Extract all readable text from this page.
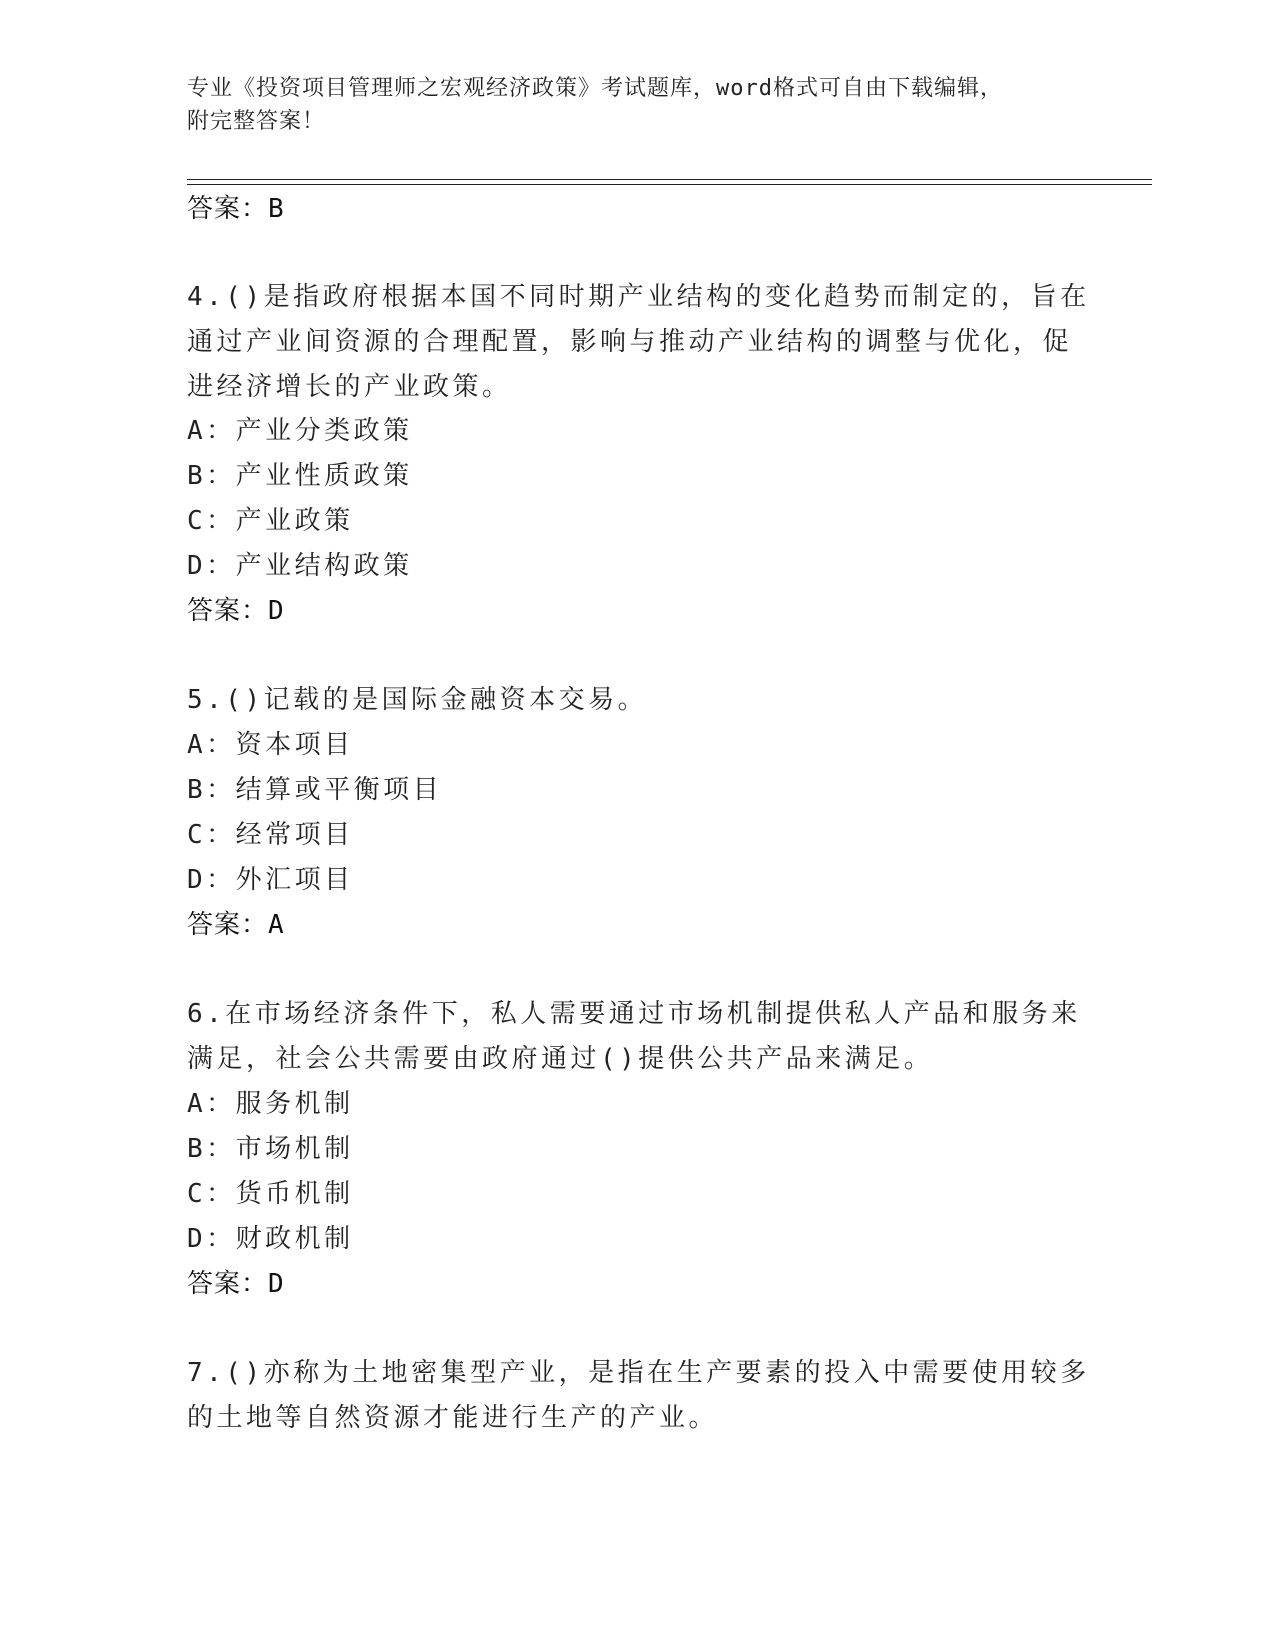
专业《投资项目管理师之宏观经济政策》考试题库，word格式可自由下载编辑，
附完整答案！
答案：B
4.()是指政府根据本国不同时期产业结构的变化趋势而制定的，旨在
通过产业间资源的合理配置，影响与推动产业结构的调整与优化，促
进经济增长的产业政策。
A：产业分类政策
B：产业性质政策
C：产业政策
D：产业结构政策
答案：D
5.()记载的是国际金融资本交易。
A：资本项目
B：结算或平衡项目
C：经常项目
D：外汇项目
答案：A
6.在市场经济条件下，私人需要通过市场机制提供私人产品和服务来
满足，社会公共需要由政府通过()提供公共产品来满足。
A：服务机制
B：市场机制
C：货币机制
D：财政机制
答案：D
7.()亦称为土地密集型产业，是指在生产要素的投入中需要使用较多
的土地等自然资源才能进行生产的产业。
